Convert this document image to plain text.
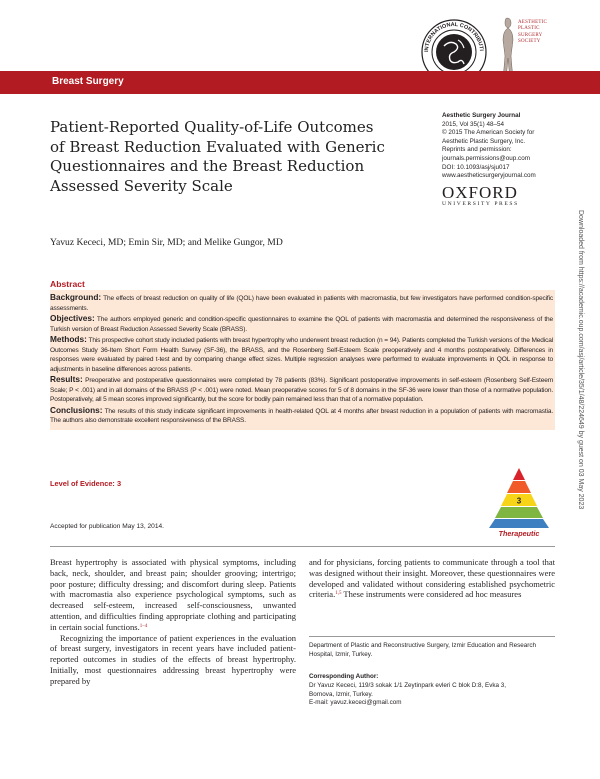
INTERNATIONAL CONTRIBUTI
AESTHETIC PLASTIC SURGERY SOCIETY
Breast Surgery
Patient-Reported Quality-of-Life Outcomes of Breast Reduction Evaluated with Generic Questionnaires and the Breast Reduction Assessed Severity Scale
Yavuz Kececi, MD; Emin Sir, MD; and Melike Gungor, MD
Aesthetic Surgery Journal
2015, Vol 35(1) 48–54
© 2015 The American Society for
Aesthetic Plastic Surgery, Inc.
Reprints and permission:
journals.permissions@oup.com
DOI: 10.1093/asj/sju017
www.aestheticsurgeryjournal.com
OXFORD
UNIVERSITY PRESS
Abstract
Background: The effects of breast reduction on quality of life (QOL) have been evaluated in patients with macromastia, but few investigators have performed condition-specific assessments.
Objectives: The authors employed generic and condition-specific questionnaires to examine the QOL of patients with macromastia and determined the responsiveness of the Turkish version of Breast Reduction Assessed Severity Scale (BRASS).
Methods: This prospective cohort study included patients with breast hypertrophy who underwent breast reduction (n = 94). Patients completed the Turkish versions of the Medical Outcomes Study 36-Item Short Form Health Survey (SF-36), the BRASS, and the Rosenberg Self-Esteem Scale preoperatively and 4 months postoperatively. Differences in responses were evaluated by paired t-test and by comparing change effect sizes. Multiple regression analyses were performed to evaluate improvements in QOL in response to adjustments in baseline differences across patients.
Results: Preoperative and postoperative questionnaires were completed by 78 patients (83%). Significant postoperative improvements in self-esteem (Rosenberg Self-Esteem Scale; P < .001) and in all domains of the BRASS (P < .001) were noted. Mean preoperative scores for 5 of 8 domains in the SF-36 were lower than those of a normative population. Postoperatively, all 5 mean scores improved significantly, but the score for bodily pain remained less than that of a normative population.
Conclusions: The results of this study indicate significant improvements in health-related QOL at 4 months after breast reduction in a population of patients with macromastia. The authors also demonstrate excellent responsiveness of the BRASS.
Level of Evidence: 3
3
Therapeutic
Accepted for publication May 13, 2014.

Breast hypertrophy is associated with physical symptoms, including back, neck, shoulder, and breast pain; shoulder grooving; intertrigo; poor posture; difficulty dressing; and discomfort during sleep. Patients with macromastia also experience psychological symptoms, such as decreased self-esteem, increased self-consciousness, unwanted attention, and difficulties finding appropriate clothing and participating in certain social functions.$^{1-4}$

Recognizing the importance of patient experiences in the evaluation of breast surgery, investigators in recent years have included patient-reported outcomes in studies of the effects of breast hypertrophy. Initially, most questionnaires addressing breast hypertrophy were prepared by

and for physicians, forcing patients to communicate through a tool that was designed without their insight. Moreover, these questionnaires were developed and validated without considering established psychometric criteria.$^{1,5}$ These instruments were considered ad hoc measures
Department of Plastic and Reconstructive Surgery, Izmir Education and Research Hospital, Izmir, Turkey.
Corresponding Author:
Dr Yavuz Kececi, 119/3 sokak 1/1 Zeytinpark evleri C blok D:8, Evka 3,
Bornova, Izmir, Turkey.
E-mail: yavuz.kececi@gmail.com
Downloaded from https://academic.oup.com/asj/article/35/1/48/224649 by guest on 03 May 2023
